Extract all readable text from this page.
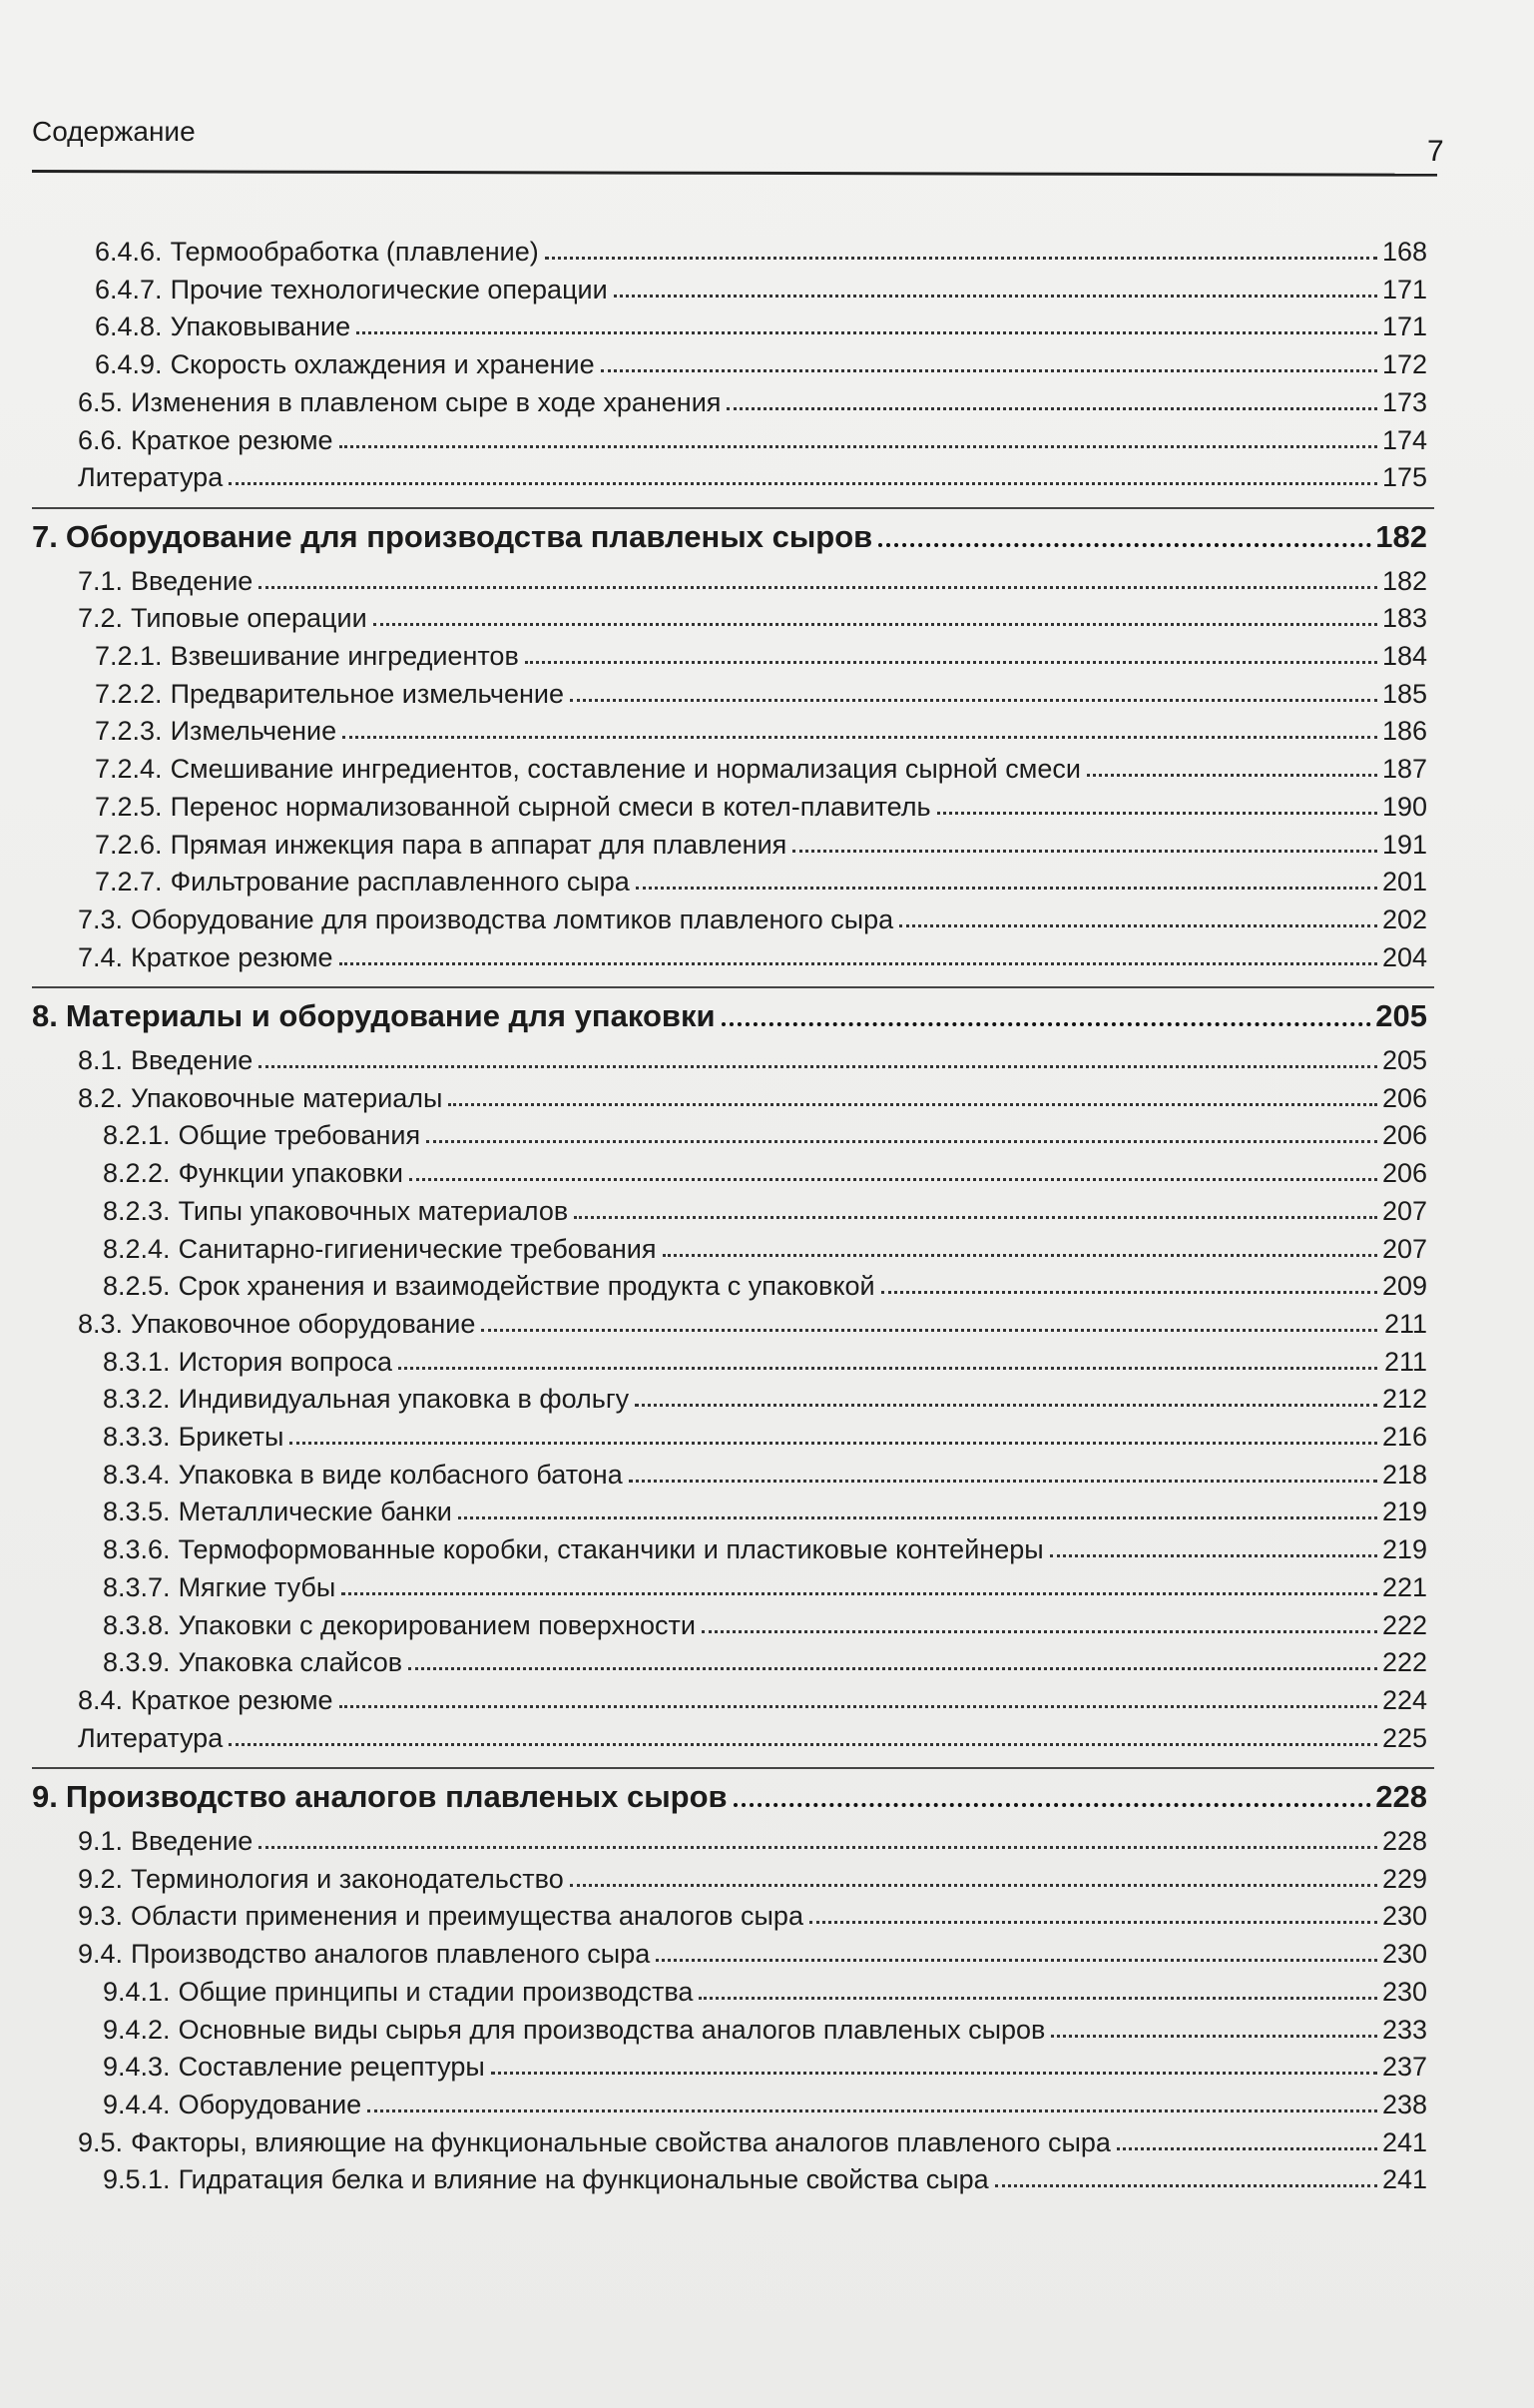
Содержание
7
6.4.6. Термообработка (плавление)	168
6.4.7. Прочие технологические операции	171
6.4.8. Упаковывание	171
6.4.9. Скорость охлаждения и хранение	172
6.5. Изменения в плавленом сыре в ходе хранения	173
6.6. Краткое резюме	174
Литература	175
7. Оборудование для производства плавленых сыров	182
7.1. Введение	182
7.2. Типовые операции	183
7.2.1. Взвешивание ингредиентов	184
7.2.2. Предварительное измельчение	185
7.2.3. Измельчение	186
7.2.4. Смешивание ингредиентов, составление и нормализация сырной смеси	187
7.2.5. Перенос нормализованной сырной смеси в котел-плавитель	190
7.2.6. Прямая инжекция пара в аппарат для плавления	191
7.2.7. Фильтрование расплавленного сыра	201
7.3. Оборудование для производства ломтиков плавленого сыра	202
7.4. Краткое резюме	204
8. Материалы и оборудование для упаковки	205
8.1. Введение	205
8.2. Упаковочные материалы	206
8.2.1. Общие требования	206
8.2.2. Функции упаковки	206
8.2.3. Типы упаковочных материалов	207
8.2.4. Санитарно-гигиенические требования	207
8.2.5. Срок хранения и взаимодействие продукта с упаковкой	209
8.3. Упаковочное оборудование	211
8.3.1. История вопроса	211
8.3.2. Индивидуальная упаковка в фольгу	212
8.3.3. Брикеты	216
8.3.4. Упаковка в виде колбасного батона	218
8.3.5. Металлические банки	219
8.3.6. Термоформованные коробки, стаканчики и пластиковые контейнеры	219
8.3.7. Мягкие тубы	221
8.3.8. Упаковки с декорированием поверхности	222
8.3.9. Упаковка слайсов	222
8.4. Краткое резюме	224
Литература	225
9. Производство аналогов плавленых сыров	228
9.1. Введение	228
9.2. Терминология и законодательство	229
9.3. Области применения и преимущества аналогов сыра	230
9.4. Производство аналогов плавленого сыра	230
9.4.1. Общие принципы и стадии производства	230
9.4.2. Основные виды сырья для производства аналогов плавленых сыров	233
9.4.3. Составление рецептуры	237
9.4.4. Оборудование	238
9.5. Факторы, влияющие на функциональные свойства аналогов плавленого сыра	241
9.5.1. Гидратация белка и влияние на функциональные свойства сыра	241
